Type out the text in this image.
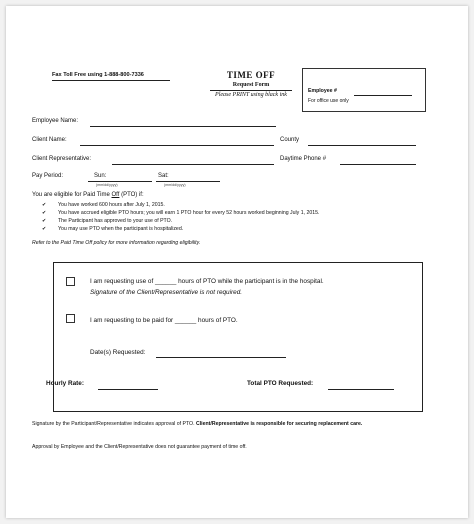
Fax Toll Free using 1-888-800-7336	TIME OFF
Request Form
Please PRINT using black ink
Employee #
For office use only
Employee Name:
Client Name:	County
Client Representative:	Daytime Phone #
Pay Period:	Sun:
(mm/dd/yyyy)
Sat:
(mm/dd/yyyy)
You are eligible for Paid Time Off (PTO) if:
✔ You have worked 600 hours after July 1, 2015.
✔ You have accrued eligible PTO hours; you will earn 1 PTO hour for every 52 hours worked beginning July 1, 2015.
✔ The Participant has approved to your use of PTO.
✔ You may use PTO when the participant is hospitalized.
Refer to the Paid Time Off policy for more information regarding eligibility.
I am requesting use of ______ hours of PTO while the participant is in the hospital.
Signature of the Client/Representative is not required.
I am requesting to be paid for ______ hours of PTO.
Date(s) Requested:
Hourly Rate:	Total PTO Requested:
Signature by the Participant/Representative indicates approval of PTO. Client/Representative is responsible for securing replacement care.
Approval by Employee and the Client/Representative does not guarantee payment of time off.
